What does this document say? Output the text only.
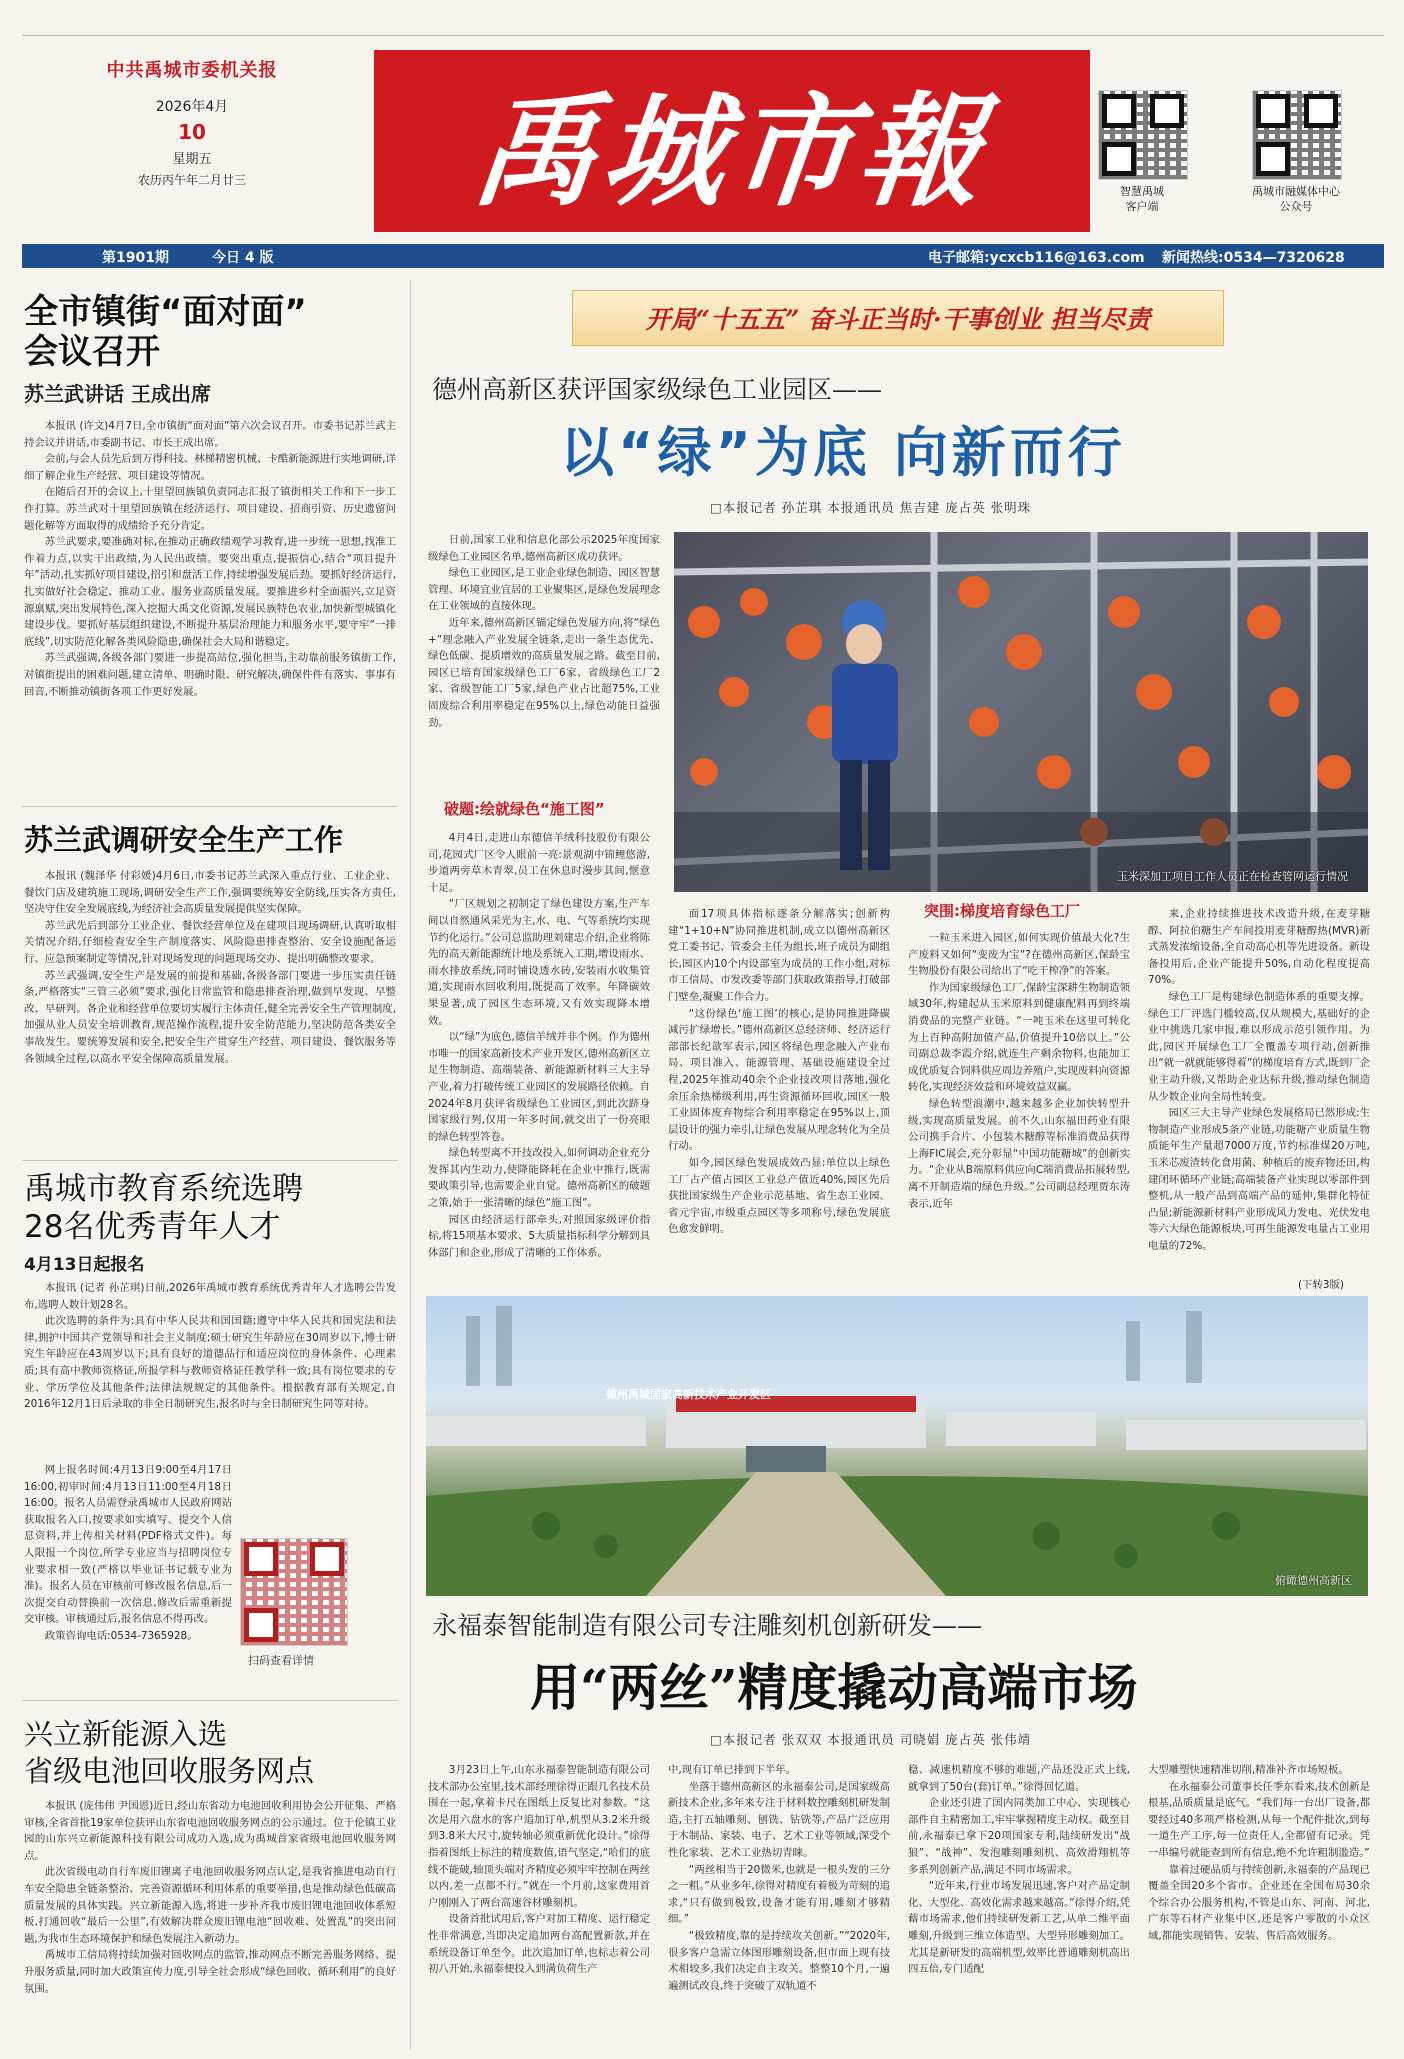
中共禹城市委机关报
2026年4月
10
星期五
农历丙午年二月廿三	禹城市報	智慧禹城
客户端
禹城市融媒体中心
公众号
第1901期	今日 4 版	电子邮箱:ycxcb116@163.com 新闻热线:0534—7320628
全市镇街“面对面”
会议召开
苏兰武讲话 王成出席

本报讯 (许文)4月7日,全市镇街“面对面”第六次会议召开。市委书记苏兰武主持会议并讲话,市委副书记、市长王成出席。

会前,与会人员先后到万得科技、林梯精密机械、卡酷新能源进行实地调研,详细了解企业生产经营、项目建设等情况。

在随后召开的会议上,十里望回族镇负责同志汇报了镇街相关工作和下一步工作打算。苏兰武对十里望回族镇在经济运行、项目建设、招商引资、历史遗留问题化解等方面取得的成绩给予充分肯定。

苏兰武要求,要准确对标,在推动正确政绩观学习教育,进一步统一思想,找准工作着力点,以实干出政绩,为人民出政绩。要突出重点,提振信心,结合“项目提升年”活动,扎实抓好项目建设,招引和盘活工作,持续增强发展后劲。要抓好经济运行,扎实做好社会稳定、推动工业、服务业高质量发展。要推进乡村全面振兴,立足资源禀赋,突出发展特色,深入挖掘大禹文化资源,发展民族特色农业,加快新型城镇化建设步伐。要抓好基层组织建设,不断提升基层治理能力和服务水平,要守牢“一排底线”,切实防范化解各类风险隐患,确保社会大局和谐稳定。

苏兰武强调,各级各部门要进一步提高站位,强化担当,主动靠前服务镇街工作,对镇街提出的困难问题,建立清单、明确时限、研究解决,确保件件有落实、事事有回音,不断推动镇街各项工作更好发展。

苏兰武调研安全生产工作

本报讯 (魏泽华 付彩媛)4月6日,市委书记苏兰武深入重点行业、工业企业、餐饮门店及建筑施工现场,调研安全生产工作,强调要统筹安全防线,压实各方责任,坚决守住安全发展底线,为经济社会高质量发展提供坚实保障。

苏兰武先后到部分工业企业、餐饮经营单位及在建项目现场调研,认真听取相关情况介绍,仔细检查安全生产制度落实、风险隐患排查整治、安全设施配备运行、应急预案制定等情况,针对现场发现的问题现场交办、提出明确整改要求。

苏兰武强调,安全生产是发展的前提和基础,各级各部门要进一步压实责任链条,严格落实“三管三必须”要求,强化日常监管和隐患排查治理,做到早发现、早整改、早研判。各企业和经营单位要切实履行主体责任,健全完善安全生产管理制度,加强从业人员安全培训教育,规范操作流程,提升安全防范能力,坚决防范各类安全事故发生。要统筹发展和安全,把安全生产贯穿生产经营、项目建设、餐饮服务等各领域全过程,以高水平安全保障高质量发展。

禹城市教育系统选聘
28名优秀青年人才
4月13日起报名

本报讯 (记者 孙芷琪)日前,2026年禹城市教育系统优秀青年人才选聘公告发布,选聘人数计划28名。

此次选聘的条件为:具有中华人民共和国国籍;遵守中华人民共和国宪法和法律,拥护中国共产党领导和社会主义制度;硕士研究生年龄应在30周岁以下,博士研究生年龄应在43周岁以下;具有良好的道德品行和适应岗位的身体条件、心理素质;具有高中教师资格证,所报学科与教师资格证任教学科一致;具有岗位要求的专业、学历学位及其他条件;法律法规规定的其他条件。根据教育部有关规定,自2016年12月1日后录取的非全日制研究生,报名时与全日制研究生同等对待。

网上报名时间:4月13日9:00至4月17日16:00,初审时间:4月13日11:00至4月18日16:00。报名人员需登录禹城市人民政府网站获取报名入口,按要求如实填写、提交个人信息资料,并上传相关材料(PDF格式文件)。每人限报一个岗位,所学专业应当与招聘岗位专业要求相一致(严格以毕业证书记载专业为准)。报名人员在审核前可修改报名信息,后一次提交自动替换前一次信息,修改后需重新提交审核。审核通过后,报名信息不得再改。

政策咨询电话:0534-7365928。

扫码查看详情
兴立新能源入选
省级电池回收服务网点

本报讯 (庞伟伟 尹国恩)近日,经山东省动力电池回收利用协会公开征集、严格审核,全省首批19家单位获评山东省电池回收服务网点的公示通过。位于伦镇工业园的山东兴立新能源科技有限公司成功入选,成为禹城首家省级电池回收服务网点。

此次省级电动自行车废旧锂离子电池回收服务网点认定,是我省推进电动自行车安全隐患全链条整治、完善资源循环利用体系的重要举措,也是推动绿色低碳高质量发展的具体实践。兴立新能源入选,将进一步补齐我市废旧锂电池回收体系短板,打通回收“最后一公里”,有效解决群众废旧锂电池“回收难、处置乱”的突出问题,为我市生态环境保护和绿色发展注入新动力。

禹城市工信局将持续加强对回收网点的监管,推动网点不断完善服务网络、提升服务质量,同时加大政策宣传力度,引导全社会形成“绿色回收、循环利用”的良好氛围。

开局“十五五” 奋斗正当时·干事创业 担当尽责
德州高新区获评国家级绿色工业园区——
以“绿”为底 向新而行
□本报记者 孙芷琪 本报通讯员 焦吉建 庞占英 张明珠

日前,国家工业和信息化部公示2025年度国家级绿色工业园区名单,德州高新区成功获评。

绿色工业园区,是工业企业绿色制造、园区智慧管理、环境宜业宜居的工业聚集区,是绿色发展理念在工业领域的直接体现。

近年来,德州高新区锚定绿色发展方向,将“绿色+”理念融入产业发展全链条,走出一条生态优先、绿色低碳、提质增效的高质量发展之路。截至目前,园区已培育国家级绿色工厂6家、省级绿色工厂2家、省级智能工厂5家,绿色产业占比超75%,工业固废综合利用率稳定在95%以上,绿色动能日益强劲。

破题:绘就绿色“施工图”
玉米深加工项目工作人员正在检查管网运行情况

4月4日,走进山东德信羊绒科技股份有限公司,花园式厂区令人眼前一亮:景观湖中锦鲤悠游,步道两旁草木青翠,员工在休息时漫步其间,惬意十足。

“厂区规划之初制定了绿色建设方案,生产车间以自然通风采光为主,水、电、气等系统均实现节约化运行。”公司总监助理刘建忠介绍,企业将陈先的高天新能源统计地及系统入工期,增设雨水、雨水排放系统,同时铺设透水砖,安装雨水收集管道,实现雨水回收利用,既提高了效率。年降碳效果显著,成了园区生态环境,又有效实现降本增效。

以“绿”为底色,德信羊绒并非个例。作为德州市唯一的国家高新技术产业开发区,德州高新区立足生物制造、高端装备、新能源新材料三大主导产业,着力打破传统工业园区的发展路径依赖。自2024年8月获评省级绿色工业园区,到此次跻身国家级行列,仅用一年多时间,就交出了一份亮眼的绿色转型答卷。

绿色转型离不开技改投入,如何调动企业充分发挥其内生动力,使降能降耗在企业中推行,既需要政策引导,也需要企业自觉。德州高新区的破题之策,始于一张清晰的绿色“施工图”。

园区由经济运行部牵头,对照国家级评价指标,将15项基本要求、5大质量指标科学分解到具体部门和企业,形成了清晰的工作体系。

面17项具体指标逐条分解落实;创新构建“1+10+N”协同推进机制,成立以德州高新区党工委书记、管委会主任为组长,班子成员为副组长,园区内10个内设部室为成员的工作小组,对标市工信局、市发改委等部门获取政策指导,打破部门壁垒,凝聚工作合力。

“这份绿色‘施工图’的核心,是协同推进降碳减污扩绿增长。”德州高新区总经济师、经济运行部部长纪歆军表示,园区将绿色理念融入产业布局、项目准入、能源管理、基础设施建设全过程,2025年推动40余个企业技改项目落地,强化余压余热梯级利用,再生资源循环回收,园区一般工业固体废弃物综合利用率稳定在95%以上,顶层设计的强力牵引,让绿色发展从理念转化为全员行动。

如今,园区绿色发展成效凸显:单位以上绿色工厂占产值占园区工业总产值近40%,园区先后获批国家级生产企业示范基地、省生态工业园、省元宇宙,市级重点园区等多项称号,绿色发展底色愈发鲜明。

突围:梯度培育绿色工厂

一粒玉米进入园区,如何实现价值最大化?生产废料又如何“变废为宝”?在德州高新区,保龄宝生物股份有限公司给出了“吃干榨净”的答案。

作为国家级绿色工厂,保龄宝深耕生物制造领域30年,构建起从玉米原料到健康配料再到终端消费品的完整产业链。“一吨玉米在这里可转化为上百种高附加值产品,价值提升10倍以上。”公司副总裁李霞介绍,就连生产剩余物料,也能加工成优质复合饲料供应周边养殖户,实现废料向资源转化,实现经济效益和环境效益双赢。

绿色转型浪潮中,越来越多企业加快转型升级,实现高质量发展。前不久,山东福田药业有限公司携手合片、小包装木糖醇等标准消费品获得上海FIC展会,充分彰显“中国功能糖城”的创新实力。“企业从B端原料供应向C端消费品拓展转型,离不开制造端的绿色升级。”公司副总经理贾东涛表示,近年

来,企业持续推进技术改造升级,在麦芽糖醇、阿拉伯糖生产车间投用麦芽糖醇热(MVR)新式蒸发浓缩设备,全自动高心机等先进设备。新设备投用后,企业产能提升50%,自动化程度提高70%。

绿色工厂是构建绿色制造体系的重要支撑。绿色工厂评选门槛较高,仅从规模大,基础好的企业中挑选几家申报,难以形成示范引领作用。为此,园区开展绿色工厂全覆盖专项行动,创新推出“就一就就能够得着”的梯度培育方式,既到厂企业主动升级,又帮助企业达标升级,推动绿色制造从少数企业向全局性转变。

园区三大主导产业绿色发展格局已然形成:生物制造产业形成5条产业链,功能糖产业质量生物质能年生产量超7000万度,节约标准煤20万吨,玉米芯废渣转化食用菌、种植后的废弃物还田,构建闭环循环产业链;高端装备产业实现以零部件到整机,从一般产品到高端产品的延伸,集群化特征凸显;新能源新材料产业形成风力发电、光伏发电等六大绿色能源板块,可再生能源发电量占工业用电量的72%。

(下转3版)
德州禹城国家高新技术产业开发区
俯瞰德州高新区
永福泰智能制造有限公司专注雕刻机创新研发——
用“两丝”精度撬动高端市场
□本报记者 张双双 本报通讯员 司晓娟 庞占英 张伟靖

3月23日上午,山东永福泰智能制造有限公司技术部办公室里,技术部经理徐得正跟几名技术员围在一起,拿着卡尺在图纸上反复比对参数。“这次是用六盘水的客户追加订单,机型从3.2米升级到3.8米大尺寸,旋转轴必须重新优化设计。”徐得指着图纸上标注的精度数值,语气坚定,“哈们的底线不能破,轴顶头端对齐精度必须牢牢控制在两丝以内,差一点都不行。”就在一个月前,这家费用首户刚刚入了两台高速谷材雕刻机。

设备首批试用后,客户对加工精度、运行稳定性非常满意,当即决定追加两台高配置新款,并在系统设备订单至今。此次追加订单,也标志着公司初八开始,永福泰便投入到满负荷生产

中,现有订单已排到下半年。

坐落于德州高新区的永福泰公司,是国家级高新技术企业,多年来专注于材料数控雕刻机研发制造,主打五轴雕刻、刨铣、钻铣等,产品广泛应用于木制品、家装、电子、艺术工业等领域,深受个性化家装、艺术工业热切青睐。

“两丝相当于20微米,也就是一根头发的三分之一粗。”从业多年,徐得对精度有着极为苛刻的追求,“只有做到极致,设备才能有用,雕刻才够精细。”

“极致精度,靠的是持续攻关创新。”“2020年,很多客户急需立体图形雕刻设备,但市面上现有技术相较多,我们决定自主攻关。整整10个月,一遍遍测试改良,终于突破了双轨道不

稳、减速机精度不够的难题,产品还没正式上线,就拿到了50台(套)订单。”徐得回忆道。

企业还引进了国内同类加工中心、实现核心部件自主精密加工,牢牢掌握精度主动权。截至目前,永福泰已拿下20项国家专利,陆续研发出“战狼”、“战神”、发泡雕刻雕刻机、高效滑翔机等多系列创新产品,满足不同市场需求。

“近年来,行业市场发展迅速,客户对产品定制化、大型化、高效化需求越来越高。”徐得介绍,凭藉市场需求,他们持续研发新工艺,从单二维平面雕刻,升级到三维立体造型、大型异形雕刻加工。尤其是新研发的高端机型,效率比普通雕刻机高出四五倍,专门适配

大型雕塑快速精准切削,精准补齐市场短板。

在永福泰公司董事长任季东看来,技术创新是根基,品质质量是底气。“我们每一台出厂设备,都要经过40多项严格检测,从每一个配件批次,到每一道生产工序,每一位责任人,全都留有记录。凭一串编号就能查到所有信息,绝不允许粗制滥造。”

靠着过硬品质与持续创新,永福泰的产品现已覆盖全国20多个省市。企业还在全国布局30余个综合办公服务机构,不管是山东、河南、河北,广东等石材产业集中区,还是客户零散的小众区域,都能实现销售、安装、售后高效服务。
